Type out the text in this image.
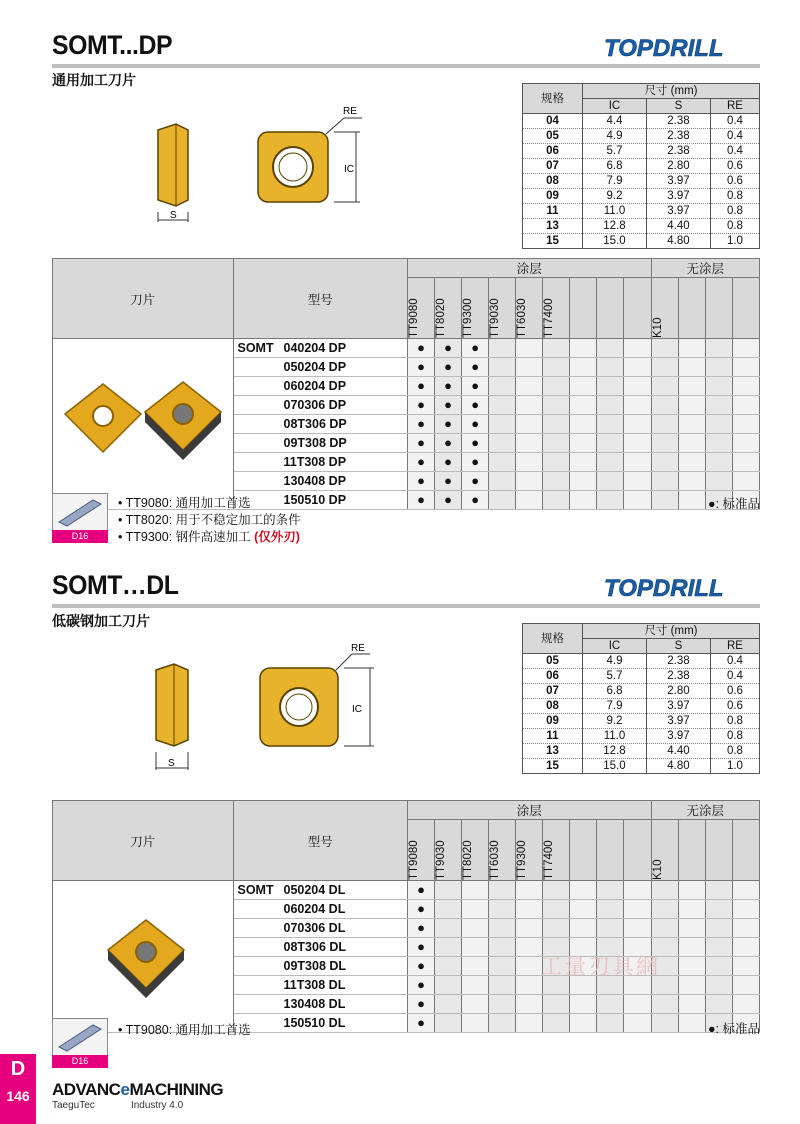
SOMT...DP	TOPDRILL
通用加工刀片
S
IC
RE
规格	尺寸 (mm)		
	IC	S	RE
04	4.4	2.38	0.4
05	4.9	2.38	0.4
06	5.7	2.38	0.4
07	6.8	2.80	0.6
08	7.9	3.97	0.6
09	9.2	3.97	0.8
11	11.0	3.97	0.8
13	12.8	4.40	0.8
15	15.0	4.80	1.0
刀片	型号	涂层									无涂层			

		TT9080	TT8020	TT9300	TT9030	TT6030	TT7400				K10			

	SOMT 040204 DP	●	●	●										
	050204 DP	●	●	●										
	060204 DP	●	●	●										
	070306 DP	●	●	●										
	08T306 DP	●	●	●										
	09T308 DP	●	●	●										
	11T308 DP	●	●	●										
	130408 DP	●	●	●										
	150510 DP	●	●	●										
D16
• TT9080: 通用加工首选
• TT8020: 用于不稳定加工的条件
• TT9300: 钢件高速加工 (仅外刃)
●: 标准品
SOMT…DL	TOPDRILL
低碳钢加工刀片
S
IC
RE
规格	尺寸 (mm)		
	IC	S	RE
05	4.9	2.38	0.4
06	5.7	2.38	0.4
07	6.8	2.80	0.6
08	7.9	3.97	0.6
09	9.2	3.97	0.8
11	11.0	3.97	0.8
13	12.8	4.40	0.8
15	15.0	4.80	1.0
刀片	型号	涂层									无涂层			

		TT9080	TT9030	TT8020	TT6030	TT9300	TT7400				K10			

	SOMT 050204 DL	●												
	060204 DL	●												
	070306 DL	●												
	08T306 DL	●												
	09T308 DL	●												
	11T308 DL	●												
	130408 DL	●												
	150510 DL	●												
D16
• TT9080: 通用加工首选	●: 标准品
工量刃具網
D
146	ADVANCeMACHINING
TaeguTec	Industry 4.0
